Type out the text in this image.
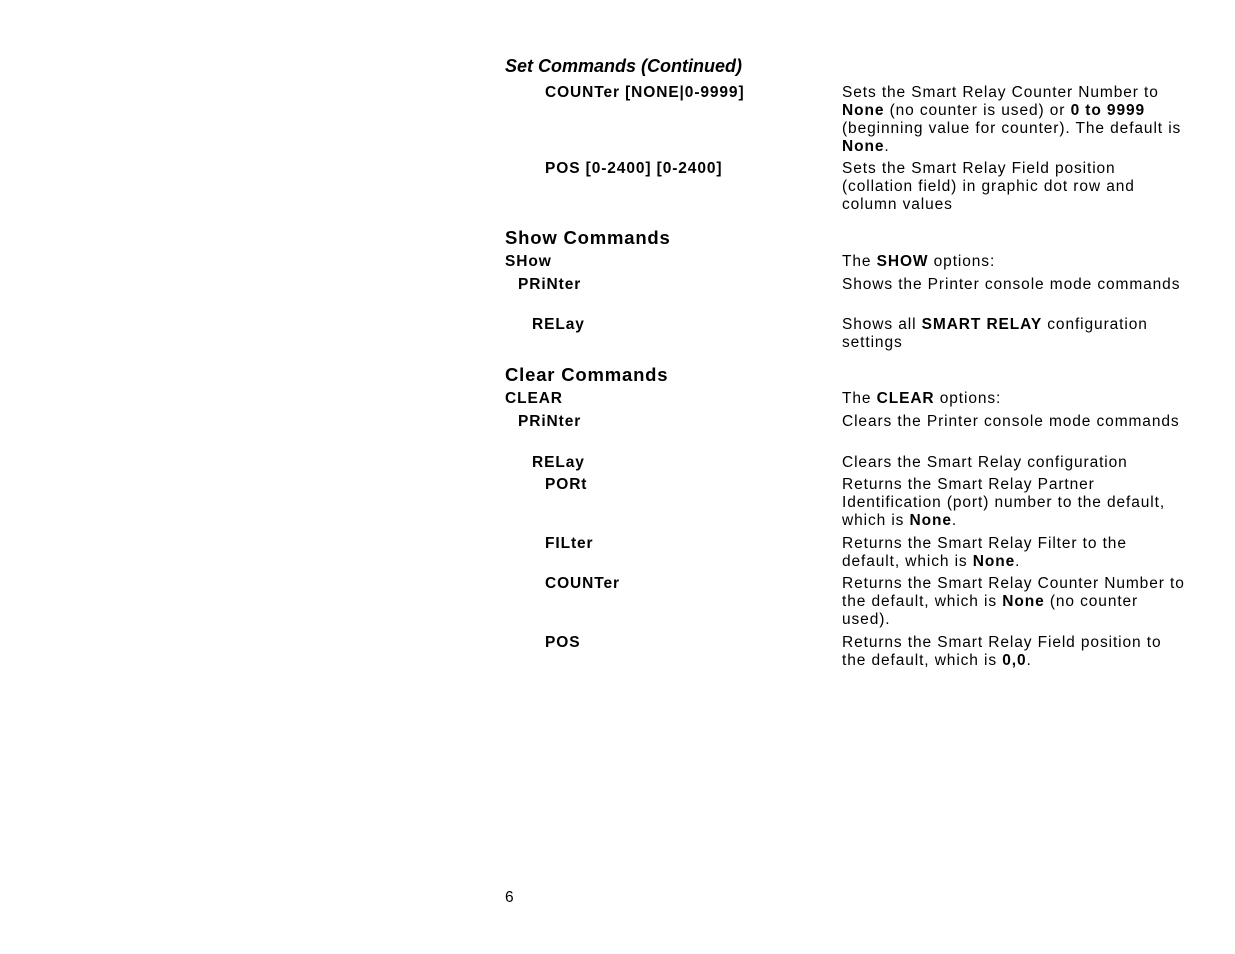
Set Commands (Continued)
COUNTer [NONE|0-9999]	Sets the Smart Relay Counter Number to None (no counter is used) or 0 to 9999 (beginning value for counter). The default is None.
POS [0-2400] [0-2400]	Sets the Smart Relay Field position (collation field) in graphic dot row and column values
Show Commands
SHow	The SHOW options:
PRiNter	Shows the Printer console mode commands
RELay	Shows all SMART RELAY configuration settings
Clear Commands
CLEAR	The CLEAR options:
PRiNter	Clears the Printer console mode commands
RELay	Clears the Smart Relay configuration
PORt	Returns the Smart Relay Partner Identification (port) number to the default, which is None.
FILter	Returns the Smart Relay Filter to the default, which is None.
COUNTer	Returns the Smart Relay Counter Number to the default, which is None (no counter used).
POS	Returns the Smart Relay Field position to the default, which is 0,0.
6
